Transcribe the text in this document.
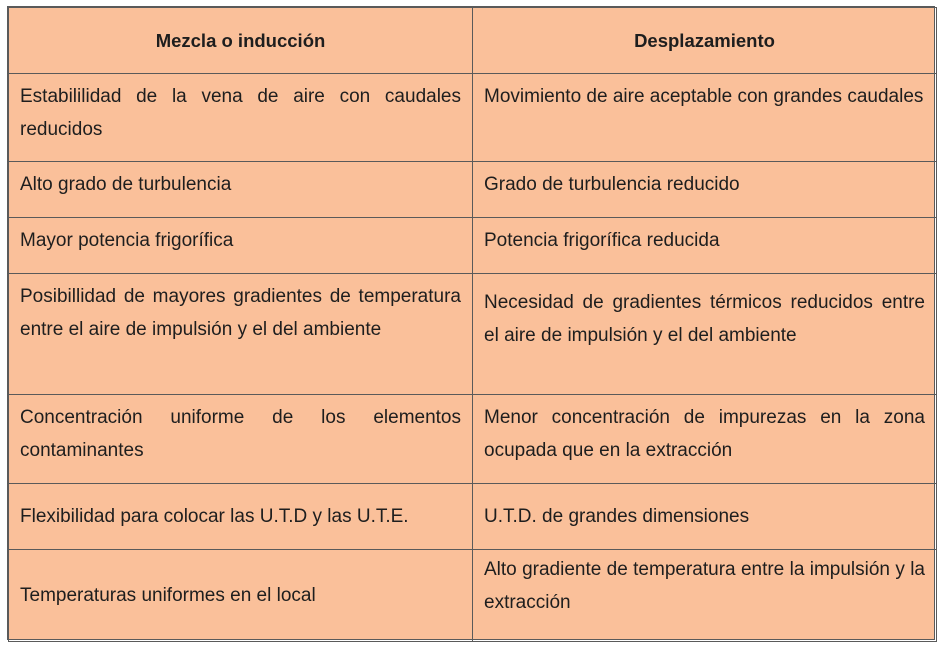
Mezcla o inducción	Desplazamiento
Estabililidad de la vena de aire con caudales reducidos	Movimiento de aire aceptable con grandes caudales
Alto grado de turbulencia	Grado de turbulencia reducido
Mayor potencia frigorífica	Potencia frigorífica reducida
Posibillidad de mayores gradientes de temperatura entre el aire de impulsión y el del ambiente	Necesidad de gradientes térmicos reducidos entre el aire de impulsión y el del ambiente
Concentración uniforme de los elementos contaminantes	Menor concentración de impurezas en la zona ocupada que en la extracción
Flexibilidad para colocar las U.T.D y las U.T.E.	U.T.D. de grandes dimensiones
Temperaturas uniformes en el local	Alto gradiente de temperatura entre la impulsión y la extracción
